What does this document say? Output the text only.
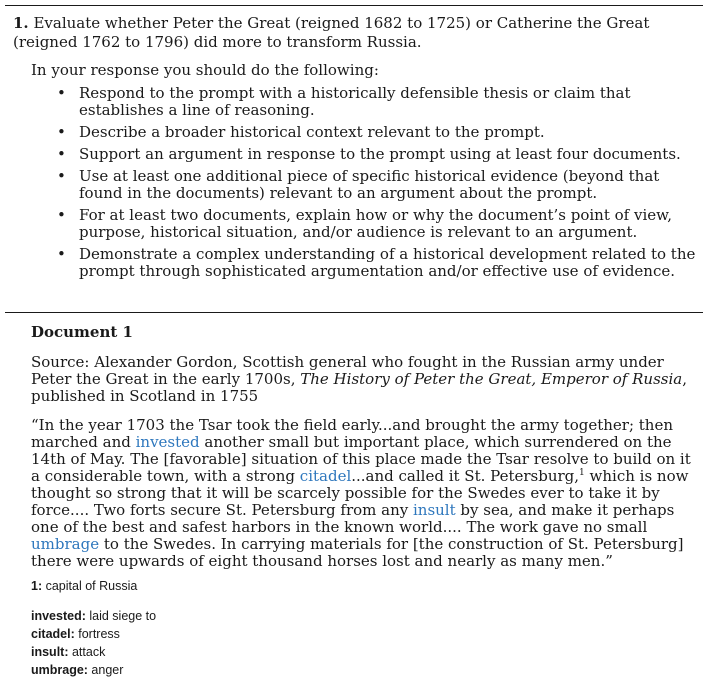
1. Evaluate whether Peter the Great (reigned 1682 to 1725) or Catherine the Great (reigned 1762 to 1796) did more to transform Russia.

In your response you should do the following:

• Respond to the prompt with a historically defensible thesis or claim that establishes a line of reasoning.
• Describe a broader historical context relevant to the prompt.
• Support an argument in response to the prompt using at least four documents.
• Use at least one additional piece of specific historical evidence (beyond that found in the documents) relevant to an argument about the prompt.
• For at least two documents, explain how or why the document’s point of view, purpose, historical situation, and/or audience is relevant to an argument.
• Demonstrate a complex understanding of a historical development related to the prompt through sophisticated argumentation and/or effective use of evidence.

Document 1

Source: Alexander Gordon, Scottish general who fought in the Russian army under Peter the Great in the early 1700s, The History of Peter the Great, Emperor of Russia, published in Scotland in 1755

“In the year 1703 the Tsar took the field early...and brought the army together; then marched and invested another small but important place, which surrendered on the 14th of May. The [favorable] situation of this place made the Tsar resolve to build on it a considerable town, with a strong citadel...and called it St. Petersburg,$^1$ which is now thought so strong that it will be scarcely possible for the Swedes ever to take it by force.... Two forts secure St. Petersburg from any insult by sea, and make it perhaps one of the best and safest harbors in the known world.... The work gave no small umbrage to the Swedes. In carrying materials for [the construction of St. Petersburg] there were upwards of eight thousand horses lost and nearly as many men.”

1: capital of Russia
invested: laid siege to
citadel: fortress
insult: attack
umbrage: anger
